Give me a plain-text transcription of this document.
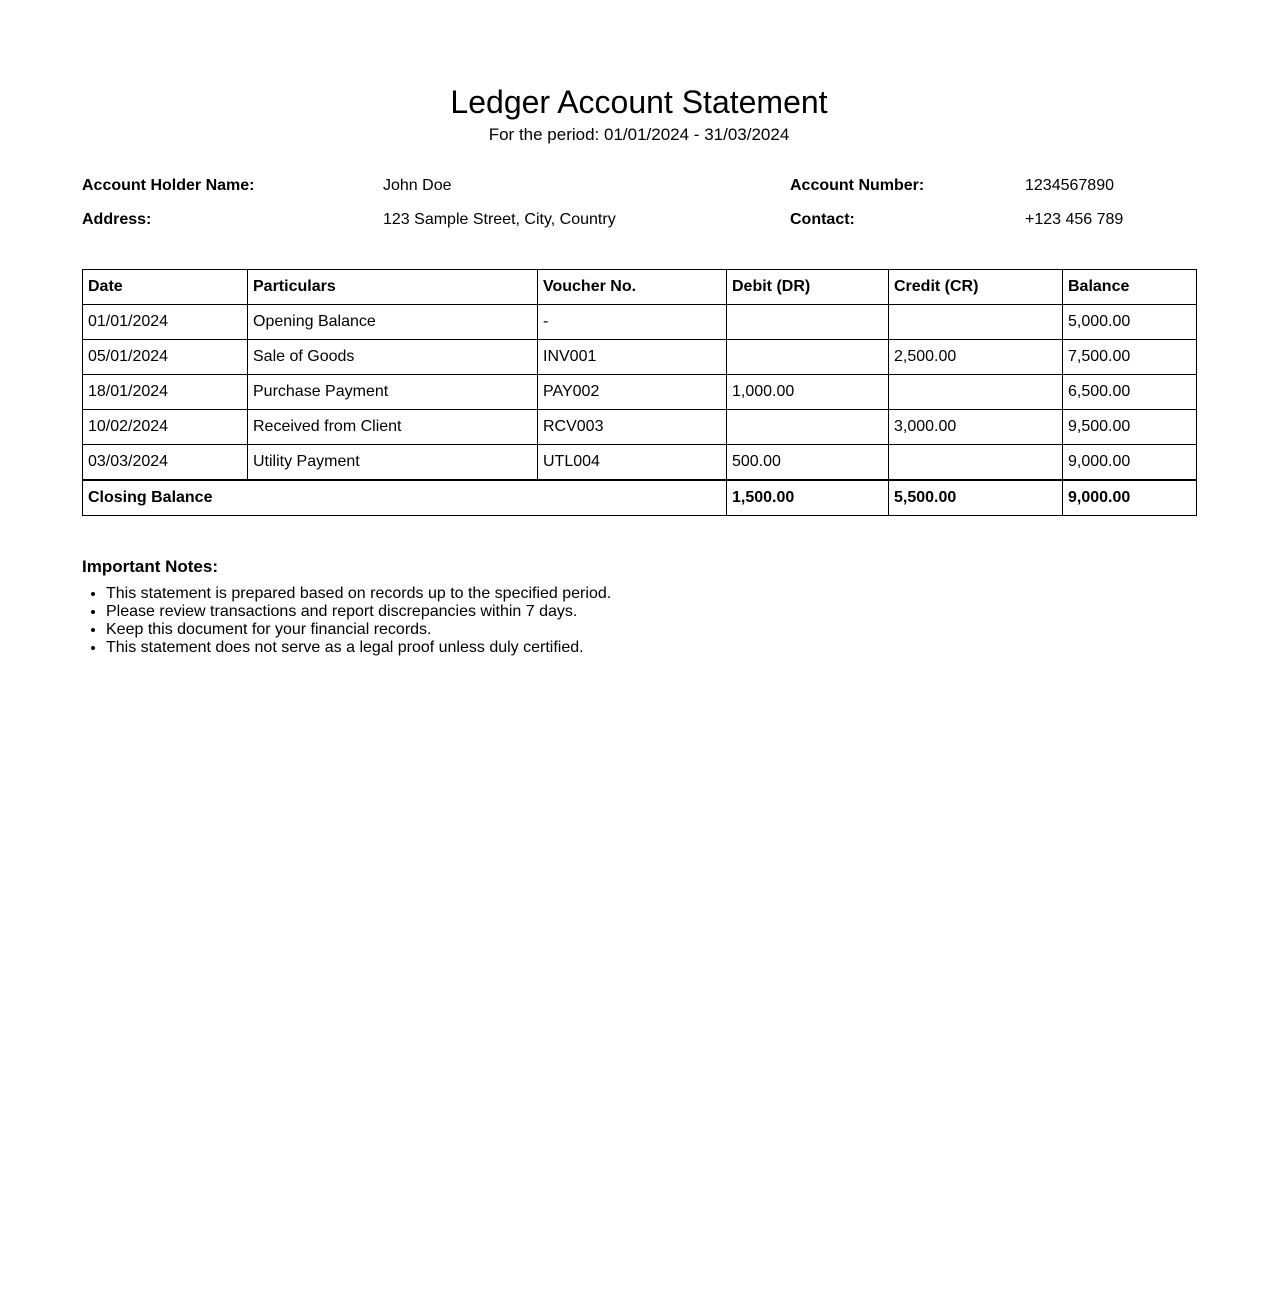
Ledger Account Statement
For the period: 01/01/2024 - 31/03/2024
Account Holder Name:	John Doe	Account Number:	1234567890
Address:	123 Sample Street, City, Country	Contact:	+123 456 789
Date	Particulars	Voucher No.	Debit (DR)	Credit (CR)	Balance
01/01/2024	Opening Balance	-			5,000.00
05/01/2024	Sale of Goods	INV001		2,500.00	7,500.00
18/01/2024	Purchase Payment	PAY002	1,000.00		6,500.00
10/02/2024	Received from Client	RCV003		3,000.00	9,500.00
03/03/2024	Utility Payment	UTL004	500.00		9,000.00
Closing Balance			1,500.00	5,500.00	9,000.00
Important Notes:
• This statement is prepared based on records up to the specified period.
• Please review transactions and report discrepancies within 7 days.
• Keep this document for your financial records.
• This statement does not serve as a legal proof unless duly certified.
